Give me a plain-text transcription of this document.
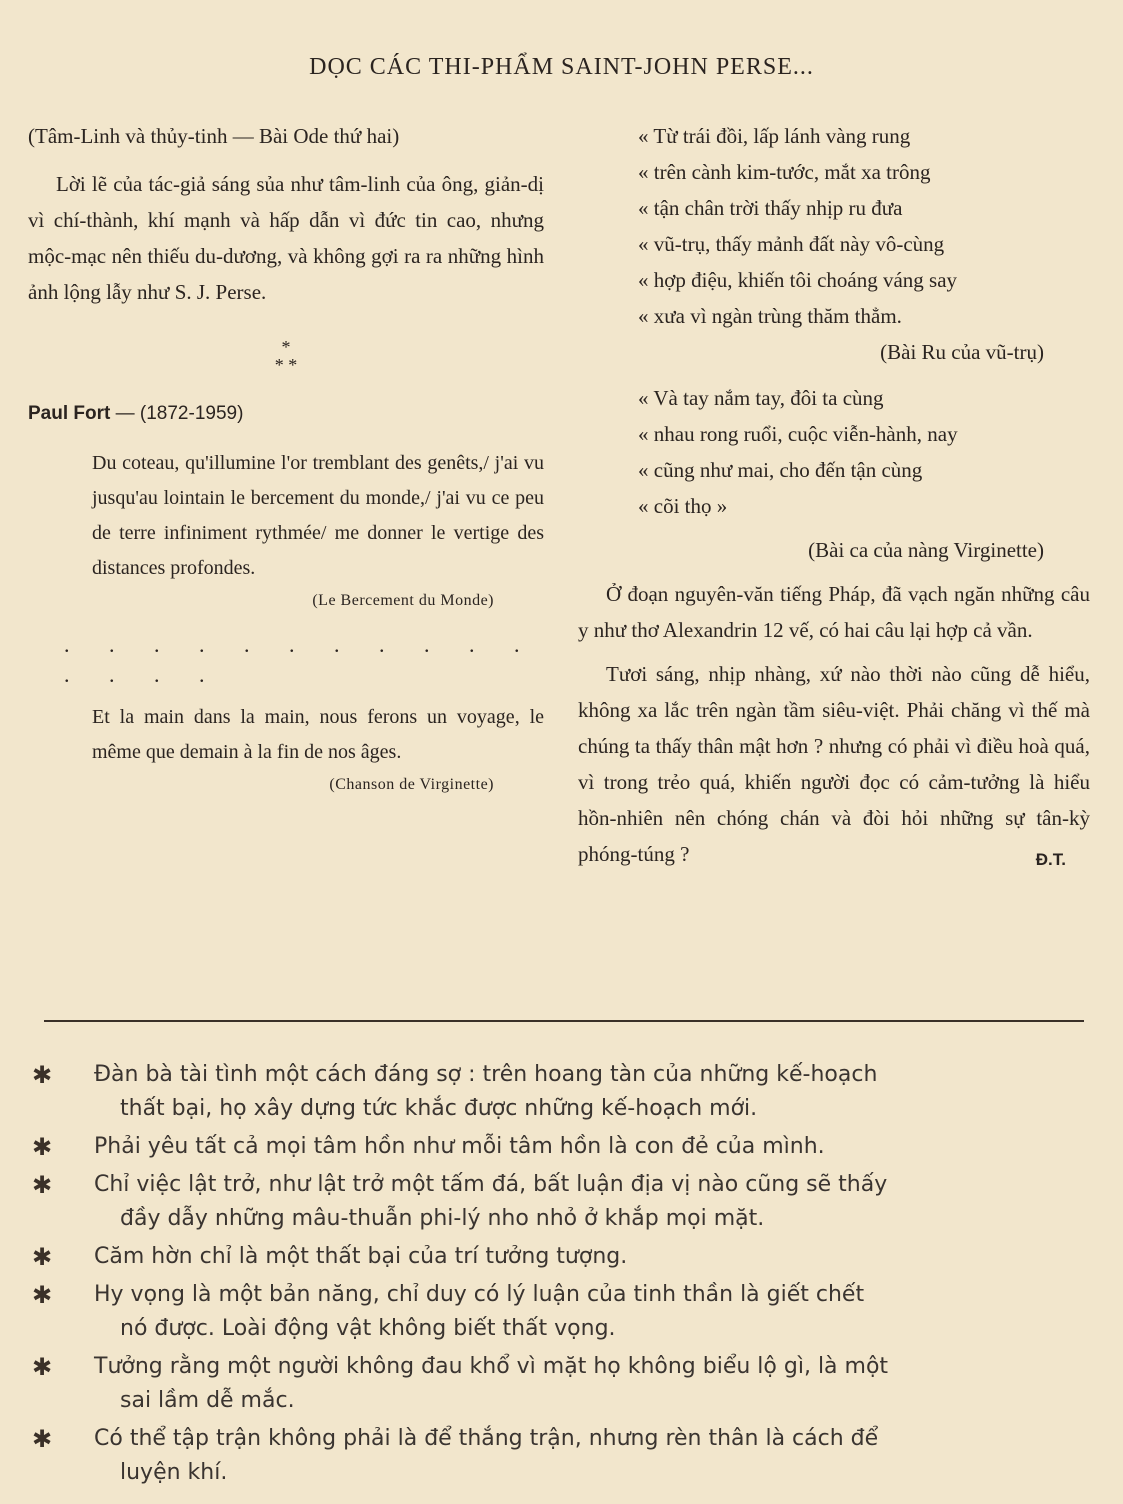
DỌC CÁC THI-PHẨM SAINT-JOHN PERSE...

(Tâm-Linh và thủy-tinh — Bài Ode thứ hai)

Lời lẽ của tác-giả sáng sủa như tâm-linh của ông, giản-dị vì chí-thành, khí mạnh và hấp dẫn vì đức tin cao, nhưng mộc-mạc nên thiếu du-dương, và không gợi ra ra những hình ảnh lộng lẫy như S. J. Perse.

*
* *

Paul Fort — (1872-1959)

Du coteau, qu'illumine l'or tremblant des genêts,/ j'ai vu jusqu'au lointain le bercement du monde,/ j'ai vu ce peu de terre infiniment rythmée/ me donner le vertige des distances profondes.

(Le Bercement du Monde)

. . . . . . . . . . . . . . .

Et la main dans la main, nous ferons un voyage, le même que demain à la fin de nos âges.

(Chanson de Virginette)

« Từ trái đồi, lấp lánh vàng rung

« trên cành kim-tước, mắt xa trông

« tận chân trời thấy nhịp ru đưa

« vũ-trụ, thấy mảnh đất này vô-cùng

« hợp điệu, khiến tôi choáng váng say

« xưa vì ngàn trùng thăm thẳm.

(Bài Ru của vũ-trụ)

« Và tay nắm tay, đôi ta cùng

« nhau rong ruổi, cuộc viễn-hành, nay

« cũng như mai, cho đến tận cùng

« cõi thọ »

(Bài ca của nàng Virginette)

Ở đoạn nguyên-văn tiếng Pháp, đã vạch ngăn những câu y như thơ Alexandrin 12 vế, có hai câu lại hợp cả vần.

Tươi sáng, nhịp nhàng, xứ nào thời nào cũng dễ hiểu, không xa lắc trên ngàn tầm siêu-việt. Phải chăng vì thế mà chúng ta thấy thân mật hơn ? nhưng có phải vì điều hoà quá, vì trong trẻo quá, khiến người đọc có cảm-tưởng là hiểu hồn-nhiên nên chóng chán và đòi hỏi những sự tân-kỳ phóng-túng ?	Đ.T.

✱ Đàn bà tài tình một cách đáng sợ : trên hoang tàn của những kế-hoạch
thất bại, họ xây dựng tức khắc được những kế-hoạch mới.
✱ Phải yêu tất cả mọi tâm hồn như mỗi tâm hồn là con đẻ của mình.
✱ Chỉ việc lật trở, như lật trở một tấm đá, bất luận địa vị nào cũng sẽ thấy
đầy dẫy những mâu-thuẫn phi-lý nho nhỏ ở khắp mọi mặt.
✱ Căm hờn chỉ là một thất bại của trí tưởng tượng.
✱ Hy vọng là một bản năng, chỉ duy có lý luận của tinh thần là giết chết
nó được. Loài động vật không biết thất vọng.
✱ Tưởng rằng một người không đau khổ vì mặt họ không biểu lộ gì, là một
sai lầm dễ mắc.
✱ Có thể tập trận không phải là để thắng trận, nhưng rèn thân là cách để
luyện khí.
